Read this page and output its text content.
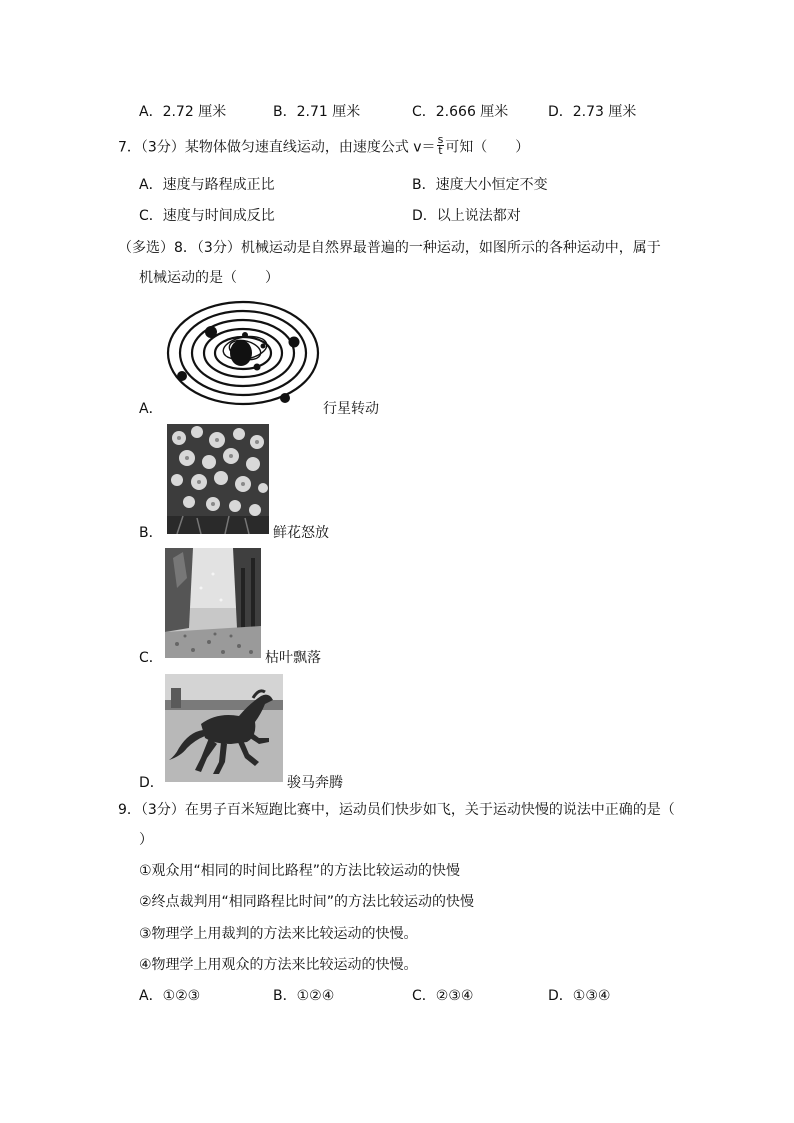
A．2.72 厘米	B．2.71 厘米	C．2.666 厘米	D．2.73 厘米
7．（3分）某物体做匀速直线运动，由速度公式 $v= \frac{s}{t}$ 可知（　　）
A．速度与路程成正比	B．速度大小恒定不变
C．速度与时间成反比	D．以上说法都对
（多选）8．（3分）机械运动是自然界最普遍的一种运动，如图所示的各种运动中，属于
机械运动的是（　　）
A．	行星转动
B．	鲜花怒放
C．	枯叶飘落
D．	骏马奔腾
9．（3分）在男子百米短跑比赛中，运动员们快步如飞，关于运动快慢的说法中正确的是（
）
①观众用“相同的时间比路程”的方法比较运动的快慢
②终点裁判用“相同路程比时间”的方法比较运动的快慢
③物理学上用裁判的方法来比较运动的快慢。
④物理学上用观众的方法来比较运动的快慢。
A．①②③	B．①②④	C．②③④	D．①③④
